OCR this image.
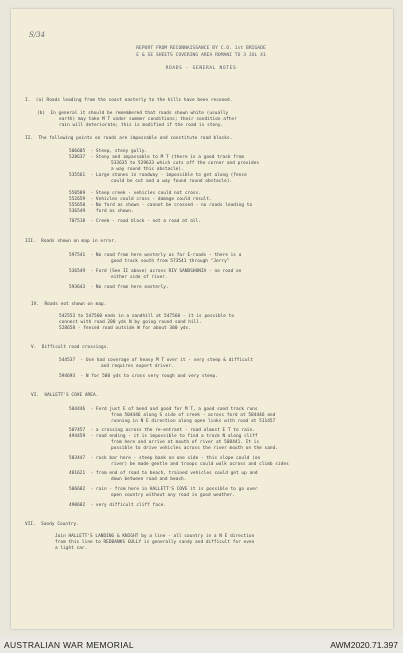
S/34
REPORT FROM RECONNAISSANCE BY C.O. 1st BRIGADE
E & SE SHEETS COVERING AREA ROMANI TO 3 JUL 41
ROADS - GENERAL NOTES
I.  (a) Roads leading from the coast easterly to the hills have been reconed.
(b)  In general it should be remembered that roads shown white (usually
earth) may take M T under summer conditions; their condition after
rain will deteriorate; this is modified if the road is stony.
II.  The following points on roads are impassable and constitute road blocks.
506605  - Steep, stony gully.
528637  - Stony and impassable to M T (there is a good track from
533635 to 529633 which cuts off the corner and provides
a way round this obstacle).
535561  - Large stones in roadway - impossible to get along (fence
could be cut and a way found round obstacle).
558589  - Steep creek - vehicles could not cross.
552659  - Vehicles could cross - damage could result.
555650  - No ford as shown - cannot be crossed - no roads leading to
536549    ford as shown.
707518  - Creek - road block - not a road at all.
III.  Roads shown on map in error.
597541  - No road from here westerly as far E-roads - there is a
good track south from 573541 through "Jerry"
536549  - Ford (See II above) across RIV SANDSHONIA - no road on
either side of river.
593643  - No road from here easterly.
IV.  Roads not shown on map.
542553 to 547560 ends in a sandhill at 547560 - it is possible to
connect with road 200 yds N by going round sand hill.
528658 - fenced road outside W for about 300 yds.
V.  Difficult road crossings.
544537  - Use had coverage of heavy M T over it - very steep & difficult
and requires expert driver.
594693  - N for 500 yds to cross very rough and very steep.
VI.  HALLETT'S COVE AREA.
504446  - Ford just E of bend and good for M T, a good sand track runs
from 504446 along S side of creek - across ford at 504446 and
running in N E direction along open links with road at 511457
507457  - a crossing across the re-entrant - road almost E T to rain.
494459  - road ending - it is impossible to find a track N along cliff
from here and arrive at mouth of river at 508441. It is
possible to drive vehicles across the river mouth on the sand.
503447  - rock bar here - steep bank on one side - this slope could (on
river) be made gentle and troops could walk across and climb sides
481621  - from end of road to beach, trained vehicles could get up and
down between road and beach.
506602  - rain - from here in HALLETT'S COVE it is possible to go over
open country without any road in good weather.
490602  - very difficult cliff face.
VII.  Sandy Country.
Join HALLETT'S LANDING & KNIGHT by a line - all country in a N E direction
from this line to REDBANKS GULLY is generally sandy and difficult for even
a light car.
AUSTRALIAN WAR MEMORIAL	AWM2020.71.397
